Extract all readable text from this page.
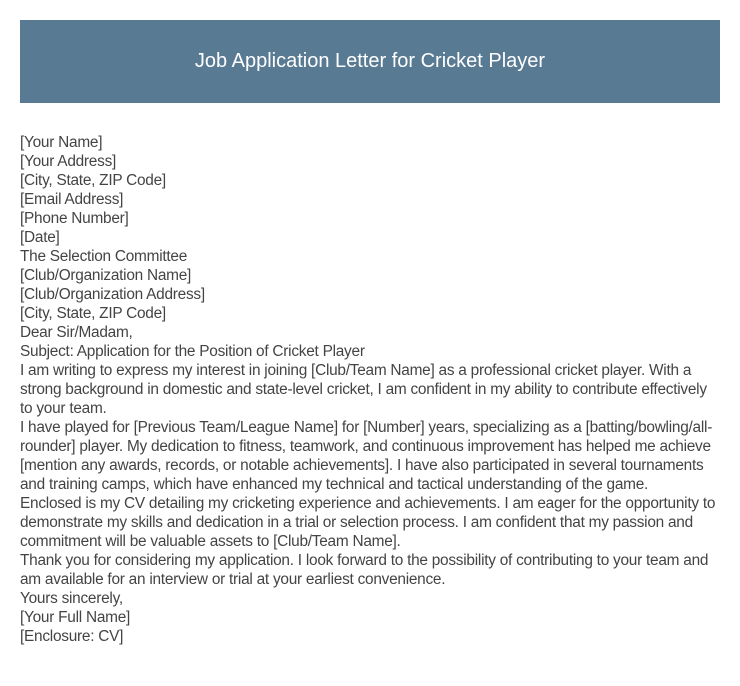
Job Application Letter for Cricket Player

[Your Name]

[Your Address]

[City, State, ZIP Code]

[Email Address]

[Phone Number]

[Date]

The Selection Committee

[Club/Organization Name]

[Club/Organization Address]

[City, State, ZIP Code]

Dear Sir/Madam,

Subject: Application for the Position of Cricket Player

I am writing to express my interest in joining [Club/Team Name] as a professional cricket player. With a strong background in domestic and state-level cricket, I am confident in my ability to contribute effectively to your team.

I have played for [Previous Team/League Name] for [Number] years, specializing as a [batting/bowling/all-rounder] player. My dedication to fitness, teamwork, and continuous improvement has helped me achieve [mention any awards, records, or notable achievements]. I have also participated in several tournaments and training camps, which have enhanced my technical and tactical understanding of the game.

Enclosed is my CV detailing my cricketing experience and achievements. I am eager for the opportunity to demonstrate my skills and dedication in a trial or selection process. I am confident that my passion and commitment will be valuable assets to [Club/Team Name].

Thank you for considering my application. I look forward to the possibility of contributing to your team and am available for an interview or trial at your earliest convenience.

Yours sincerely,

[Your Full Name]

[Enclosure: CV]
